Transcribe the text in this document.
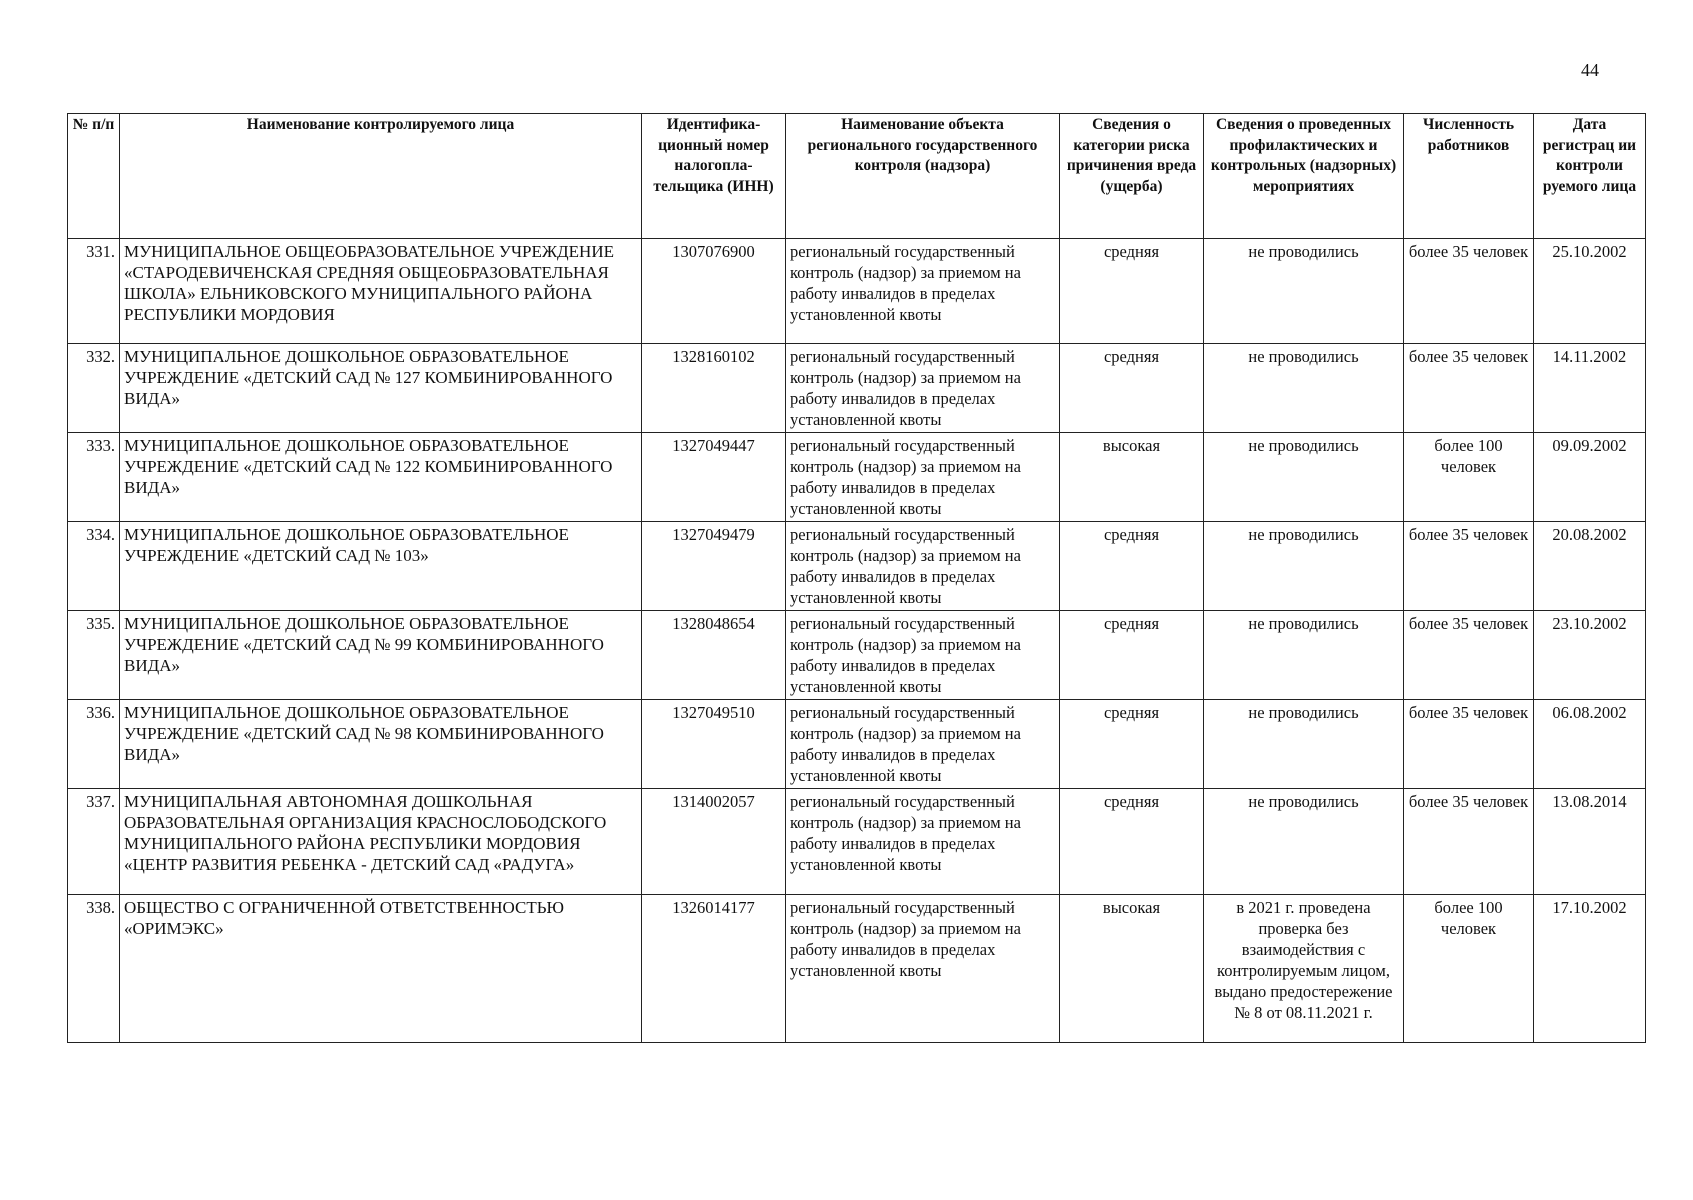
44
№ п/п	Наименование контролируемого лица	Идентифика-ционный номер налогопла-тельщика (ИНН)	Наименование объекта регионального государственного контроля (надзора)	Сведения о категории риска причинения вреда (ущерба)	Сведения о проведенных профилактических и контрольных (надзорных) мероприятиях	Численность работников	Дата регистрац ии контроли руемого лица
331.	МУНИЦИПАЛЬНОЕ ОБЩЕОБРАЗОВАТЕЛЬНОЕ УЧРЕЖДЕНИЕ «СТАРОДЕВИЧЕНСКАЯ СРЕДНЯЯ ОБЩЕОБРАЗОВАТЕЛЬНАЯ ШКОЛА» ЕЛЬНИКОВСКОГО МУНИЦИПАЛЬНОГО РАЙОНА РЕСПУБЛИКИ МОРДОВИЯ	1307076900	региональный государственный контроль (надзор) за приемом на работу инвалидов в пределах установленной квоты	средняя	не проводились	более 35 человек	25.10.2002
332.	МУНИЦИПАЛЬНОЕ ДОШКОЛЬНОЕ ОБРАЗОВАТЕЛЬНОЕ УЧРЕЖДЕНИЕ «ДЕТСКИЙ САД № 127 КОМБИНИРОВАННОГО ВИДА»	1328160102	региональный государственный контроль (надзор) за приемом на работу инвалидов в пределах установленной квоты	средняя	не проводились	более 35 человек	14.11.2002
333.	МУНИЦИПАЛЬНОЕ ДОШКОЛЬНОЕ ОБРАЗОВАТЕЛЬНОЕ УЧРЕЖДЕНИЕ «ДЕТСКИЙ САД № 122 КОМБИНИРОВАННОГО ВИДА»	1327049447	региональный государственный контроль (надзор) за приемом на работу инвалидов в пределах установленной квоты	высокая	не проводились	более 100 человек	09.09.2002
334.	МУНИЦИПАЛЬНОЕ ДОШКОЛЬНОЕ ОБРАЗОВАТЕЛЬНОЕ УЧРЕЖДЕНИЕ «ДЕТСКИЙ САД № 103»	1327049479	региональный государственный контроль (надзор) за приемом на работу инвалидов в пределах установленной квоты	средняя	не проводились	более 35 человек	20.08.2002
335.	МУНИЦИПАЛЬНОЕ ДОШКОЛЬНОЕ ОБРАЗОВАТЕЛЬНОЕ УЧРЕЖДЕНИЕ «ДЕТСКИЙ САД № 99 КОМБИНИРОВАННОГО ВИДА»	1328048654	региональный государственный контроль (надзор) за приемом на работу инвалидов в пределах установленной квоты	средняя	не проводились	более 35 человек	23.10.2002
336.	МУНИЦИПАЛЬНОЕ ДОШКОЛЬНОЕ ОБРАЗОВАТЕЛЬНОЕ УЧРЕЖДЕНИЕ «ДЕТСКИЙ САД № 98 КОМБИНИРОВАННОГО ВИДА»	1327049510	региональный государственный контроль (надзор) за приемом на работу инвалидов в пределах установленной квоты	средняя	не проводились	более 35 человек	06.08.2002
337.	МУНИЦИПАЛЬНАЯ АВТОНОМНАЯ ДОШКОЛЬНАЯ ОБРАЗОВАТЕЛЬНАЯ ОРГАНИЗАЦИЯ КРАСНОСЛОБОДСКОГО МУНИЦИПАЛЬНОГО РАЙОНА РЕСПУБЛИКИ МОРДОВИЯ «ЦЕНТР РАЗВИТИЯ РЕБЕНКА - ДЕТСКИЙ САД «РАДУГА»	1314002057	региональный государственный контроль (надзор) за приемом на работу инвалидов в пределах установленной квоты	средняя	не проводились	более 35 человек	13.08.2014
338.	ОБЩЕСТВО С ОГРАНИЧЕННОЙ ОТВЕТСТВЕННОСТЬЮ «ОРИМЭКС»	1326014177	региональный государственный контроль (надзор) за приемом на работу инвалидов в пределах установленной квоты	высокая	в 2021 г. проведена проверка без взаимодействия с контролируемым лицом, выдано предостережение № 8 от 08.11.2021 г.	более 100 человек	17.10.2002
